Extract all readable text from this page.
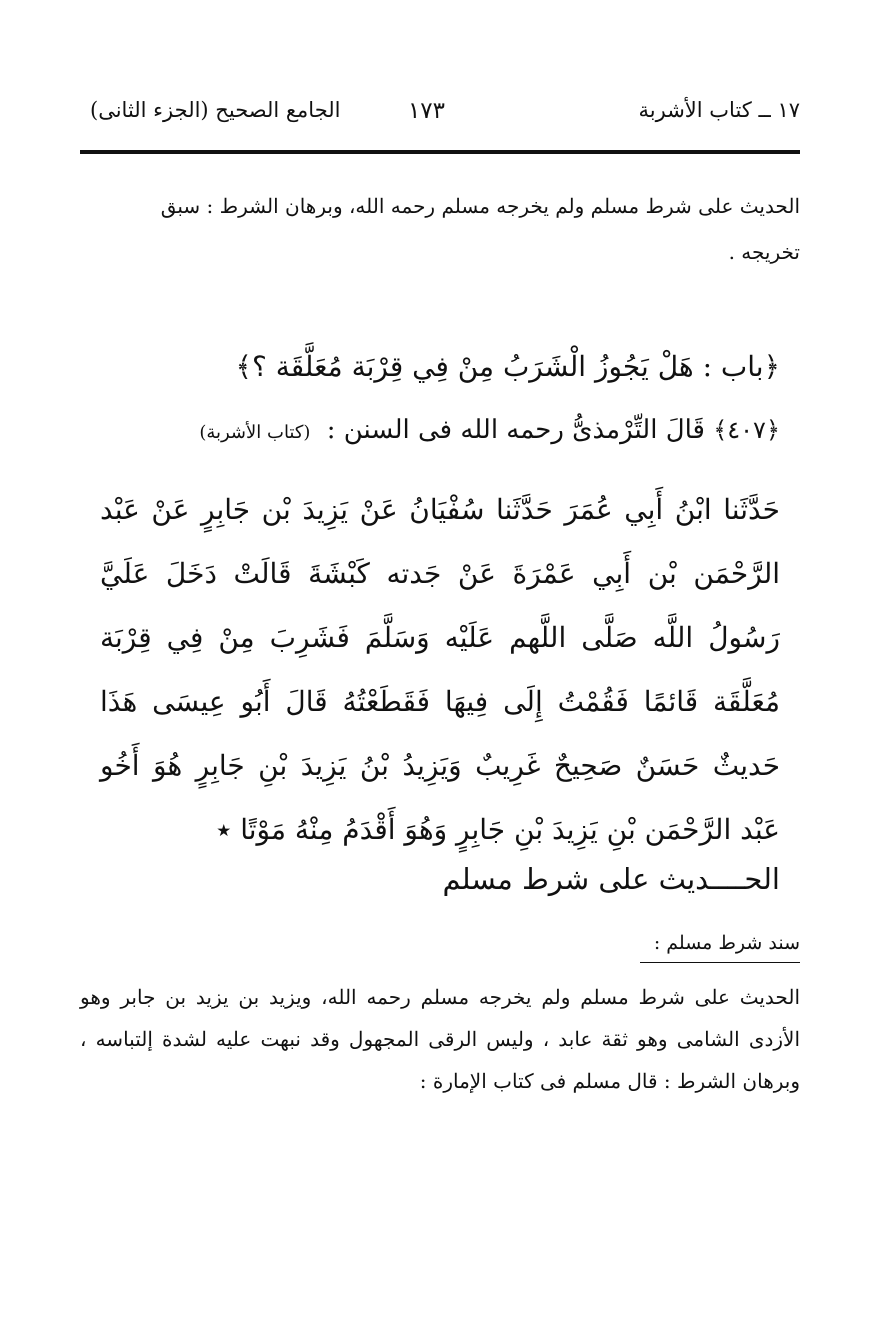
١٧ ــ كتاب الأشربة
١٧٣
الجامع الصحيح (الجزء الثانى)
الحديث على شرط مسلم ولم يخرجه مسلم رحمه الله، وبرهان الشرط : سبق تخريجه .
﴿باب : هَلْ يَجُوزُ الْشَرَبُ مِنْ فِي قِرْبَة مُعَلَّقَة ؟﴾
﴿٤٠٧﴾ قَالَ التِّرْمذىُّ رحمه الله فى السنن : (كتاب الأشربة)
حَدَّثَنا ابْنُ أَبِي عُمَرَ حَدَّثَنا سُفْيَانُ عَنْ يَزِيدَ بْن جَابِرٍ عَنْ عَبْد الرَّحْمَن بْن أَبِي عَمْرَةَ عَنْ جَدته كَبْشَةَ قَالَتْ دَخَلَ عَلَيَّ رَسُولُ اللَّه صَلَّى اللَّهم عَلَيْه وَسَلَّمَ فَشَرِبَ مِنْ فِي قِرْبَة مُعَلَّقَة قَائمًا فَقُمْتُ إِلَى فِيهَا فَقَطَعْتُهُ قَالَ أَبُو عِيسَى هَذَا حَديثٌ حَسَنٌ صَحِيحٌ غَرِيبٌ وَيَزِيدُ بْنُ يَزِيدَ بْنِ جَابِرٍ هُوَ أَخُو عَبْد الرَّحْمَن بْنِ يَزِيدَ بْنِ جَابِرٍ وَهُوَ أَقْدَمُ مِنْهُ مَوْتًا ٭
الحــــديث على شرط مسلم
سند شرط مسلم :
الحديث على شرط مسلم ولم يخرجه مسلم رحمه الله، ويزيد بن يزيد بن جابر وهو الأزدى الشامى وهو ثقة عابد ، وليس الرقى المجهول وقد نبهت عليه لشدة إلتباسه ، وبرهان الشرط : قال مسلم فى كتاب الإمارة :
